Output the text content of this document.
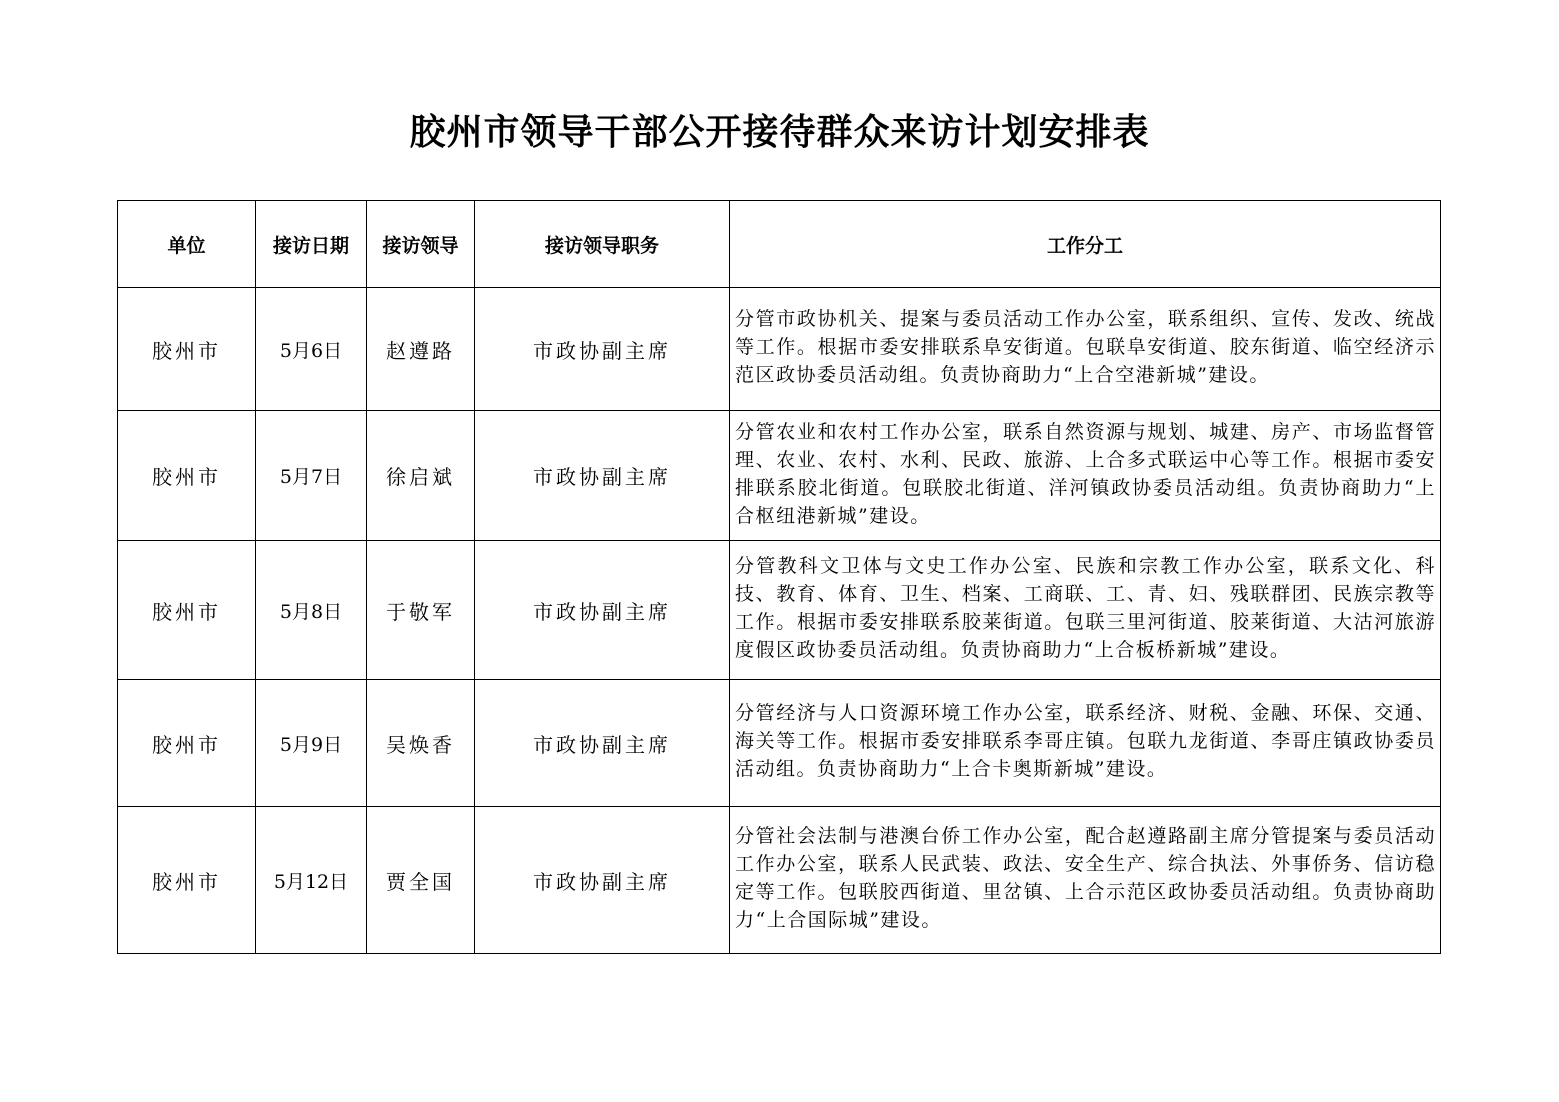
胶州市领导干部公开接待群众来访计划安排表
单位	接访日期	接访领导	接访领导职务	工作分工
胶州市	5月6日	赵遵路	市政协副主席	分管市政协机关、提案与委员活动工作办公室，联系组织、宣传、发改、统战等工作。根据市委安排联系阜安街道。包联阜安街道、胶东街道、临空经济示范区政协委员活动组。负责协商助力“上合空港新城”建设。
胶州市	5月7日	徐启斌	市政协副主席	分管农业和农村工作办公室，联系自然资源与规划、城建、房产、市场监督管理、农业、农村、水利、民政、旅游、上合多式联运中心等工作。根据市委安排联系胶北街道。包联胶北街道、洋河镇政协委员活动组。负责协商助力“上合枢纽港新城”建设。
胶州市	5月8日	于敬军	市政协副主席	分管教科文卫体与文史工作办公室、民族和宗教工作办公室，联系文化、科技、教育、体育、卫生、档案、工商联、工、青、妇、残联群团、民族宗教等工作。根据市委安排联系胶莱街道。包联三里河街道、胶莱街道、大沽河旅游度假区政协委员活动组。负责协商助力“上合板桥新城”建设。
胶州市	5月9日	吴焕香	市政协副主席	分管经济与人口资源环境工作办公室，联系经济、财税、金融、环保、交通、海关等工作。根据市委安排联系李哥庄镇。包联九龙街道、李哥庄镇政协委员活动组。负责协商助力“上合卡奥斯新城”建设。
胶州市	5月12日	贾全国	市政协副主席	分管社会法制与港澳台侨工作办公室，配合赵遵路副主席分管提案与委员活动工作办公室，联系人民武装、政法、安全生产、综合执法、外事侨务、信访稳定等工作。包联胶西街道、里岔镇、上合示范区政协委员活动组。负责协商助力“上合国际城”建设。
